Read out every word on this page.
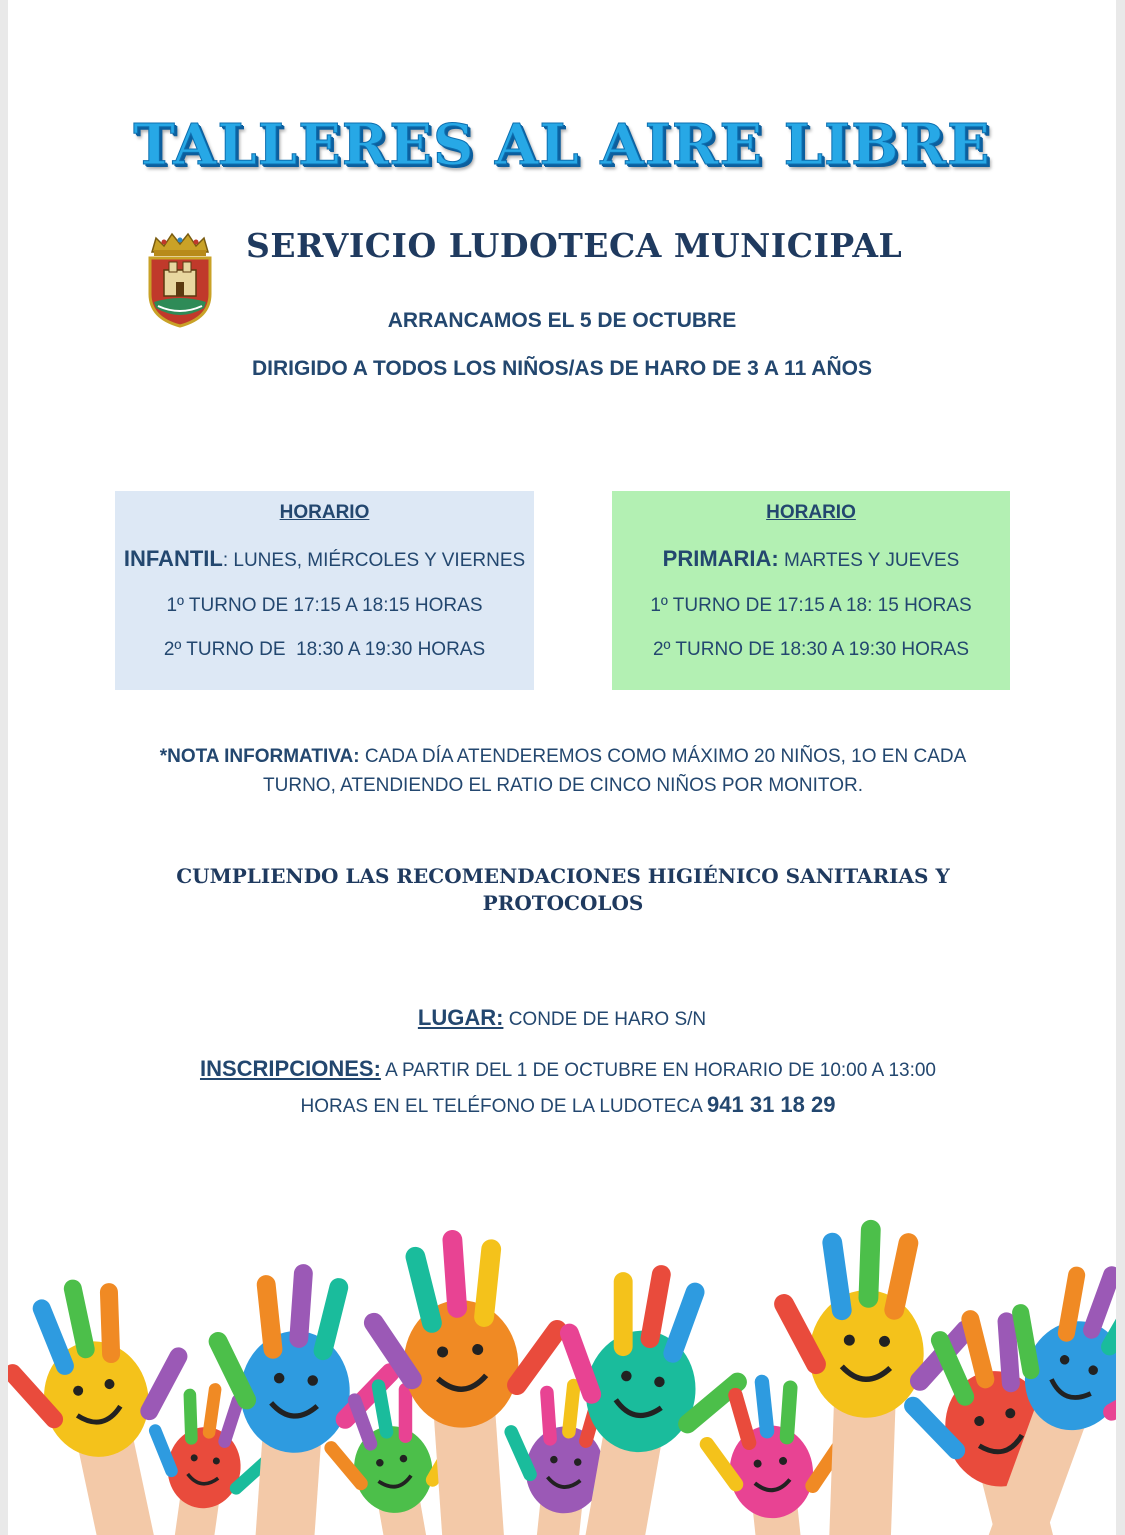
TALLERES AL AIRE LIBRE
SERVICIO LUDOTECA MUNICIPAL
ARRANCAMOS EL 5 DE OCTUBRE
DIRIGIDO A TODOS LOS NIÑOS/AS DE HARO DE 3 A 11 AÑOS
HORARIO
INFANTIL: LUNES, MIÉRCOLES Y VIERNES
1º TURNO DE 17:15 A 18:15 HORAS
2º TURNO DE  18:30 A 19:30 HORAS
HORARIO
PRIMARIA: MARTES Y JUEVES
1º TURNO DE 17:15 A 18: 15 HORAS
2º TURNO DE 18:30 A 19:30 HORAS
*NOTA INFORMATIVA: CADA DÍA ATENDEREMOS COMO MÁXIMO 20 NIÑOS, 1O EN CADA TURNO, ATENDIENDO EL RATIO DE CINCO NIÑOS POR MONITOR.
CUMPLIENDO LAS RECOMENDACIONES HIGIÉNICO SANITARIAS Y PROTOCOLOS
LUGAR: CONDE DE HARO S/N
INSCRIPCIONES: A PARTIR DEL 1 DE OCTUBRE EN HORARIO DE 10:00 A 13:00 HORAS EN EL TELÉFONO DE LA LUDOTECA 941 31 18 29
